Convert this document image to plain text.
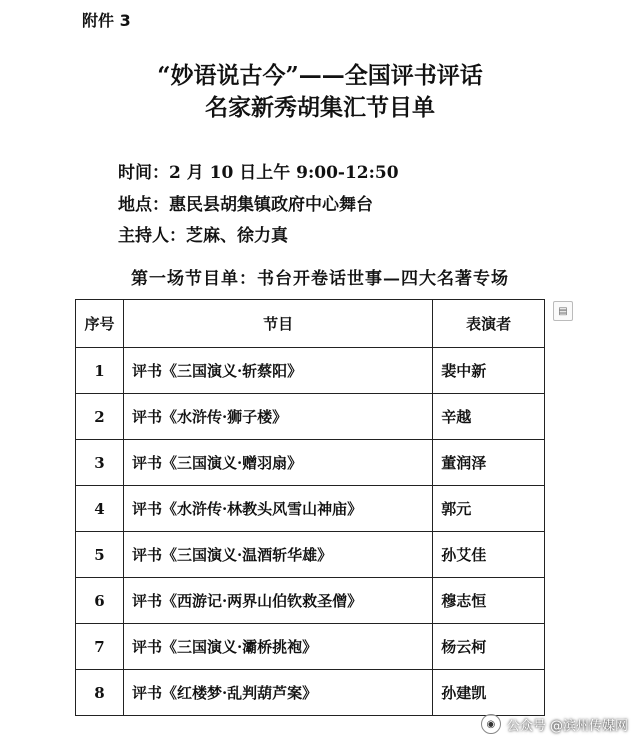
附件 3
“妙语说古今”——全国评书评话
名家新秀胡集汇节目单
时间：2 月 10 日上午 9:00-12:50
地点：惠民县胡集镇政府中心舞台
主持人：芝麻、徐力真
第一场节目单：书台开卷话世事—四大名著专场
▤
序号	节目	表演者
1	评书《三国演义·斩蔡阳》	裴中新
2	评书《水浒传·狮子楼》	辛越
3	评书《三国演义·赠羽扇》	董润泽
4	评书《水浒传·林教头风雪山神庙》	郭元
5	评书《三国演义·温酒斩华雄》	孙艾佳
6	评书《西游记·两界山伯钦救圣僧》	穆志恒
7	评书《三国演义·灞桥挑袍》	杨云柯
8	评书《红楼梦·乱判葫芦案》	孙建凯
◉ 公众号 @滨州传媒网
